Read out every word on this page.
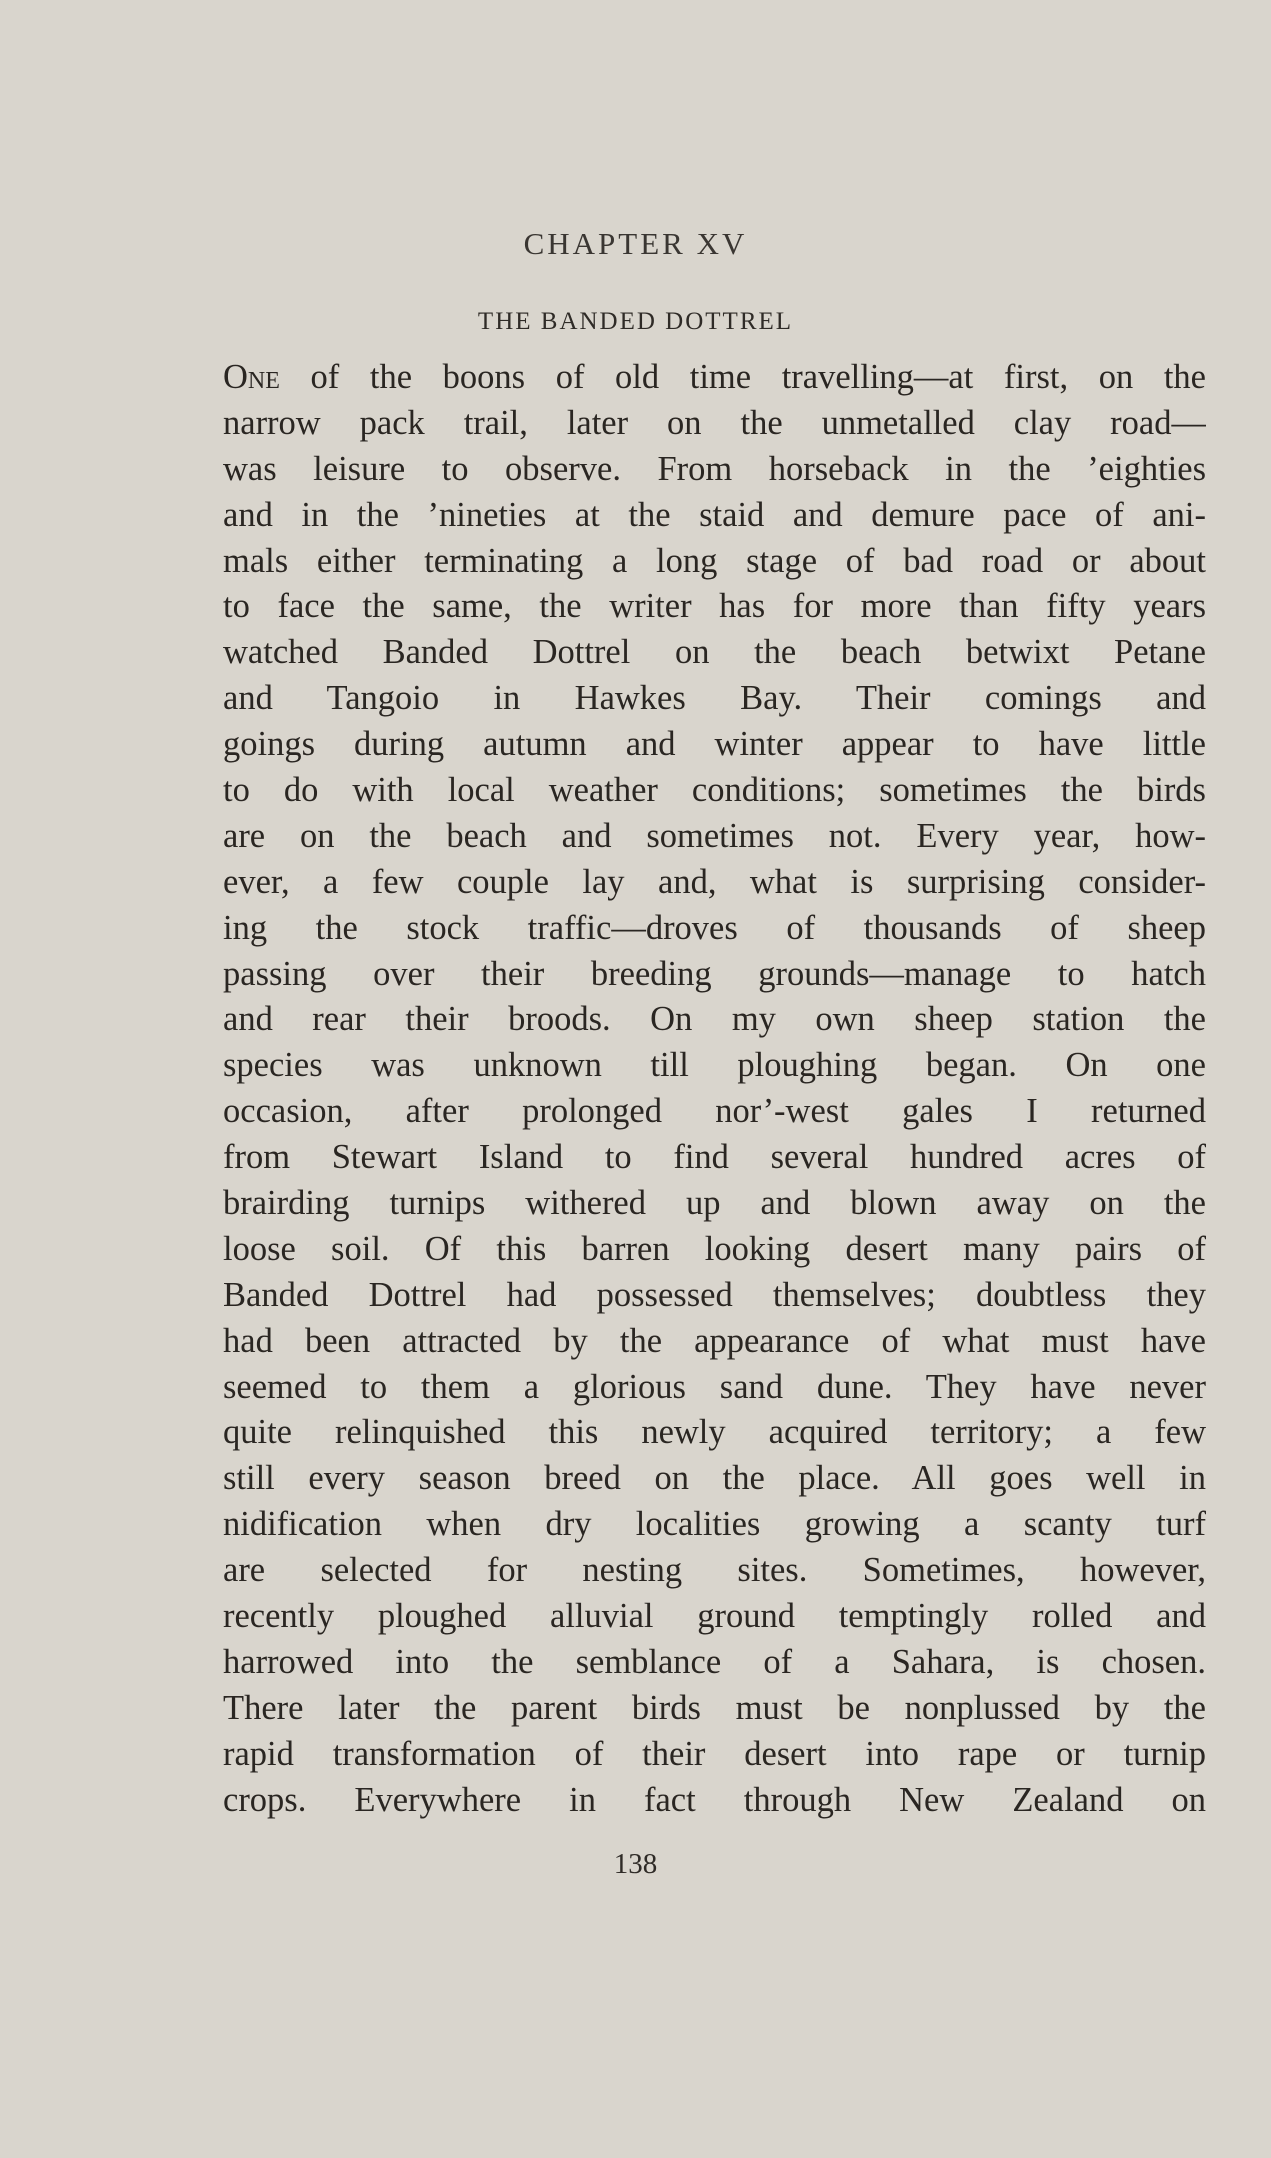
CHAPTER XV
THE BANDED DOTTREL
One of the boons of old time travelling—at first, on the
narrow pack trail, later on the unmetalled clay road—
was leisure to observe. From horseback in the ’eighties
and in the ’nineties at the staid and demure pace of ani-
mals either terminating a long stage of bad road or about
to face the same, the writer has for more than fifty years
watched Banded Dottrel on the beach betwixt Petane
and Tangoio in Hawkes Bay. Their comings and
goings during autumn and winter appear to have little
to do with local weather conditions; sometimes the birds
are on the beach and sometimes not. Every year, how-
ever, a few couple lay and, what is surprising consider-
ing the stock traffic—droves of thousands of sheep
passing over their breeding grounds—manage to hatch
and rear their broods. On my own sheep station the
species was unknown till ploughing began. On one
occasion, after prolonged nor’-west gales I returned
from Stewart Island to find several hundred acres of
brairding turnips withered up and blown away on the
loose soil. Of this barren looking desert many pairs of
Banded Dottrel had possessed themselves; doubtless they
had been attracted by the appearance of what must have
seemed to them a glorious sand dune. They have never
quite relinquished this newly acquired territory; a few
still every season breed on the place. All goes well in
nidification when dry localities growing a scanty turf
are selected for nesting sites. Sometimes, however,
recently ploughed alluvial ground temptingly rolled and
harrowed into the semblance of a Sahara, is chosen.
There later the parent birds must be nonplussed by the
rapid transformation of their desert into rape or turnip
crops. Everywhere in fact through New Zealand on
138
